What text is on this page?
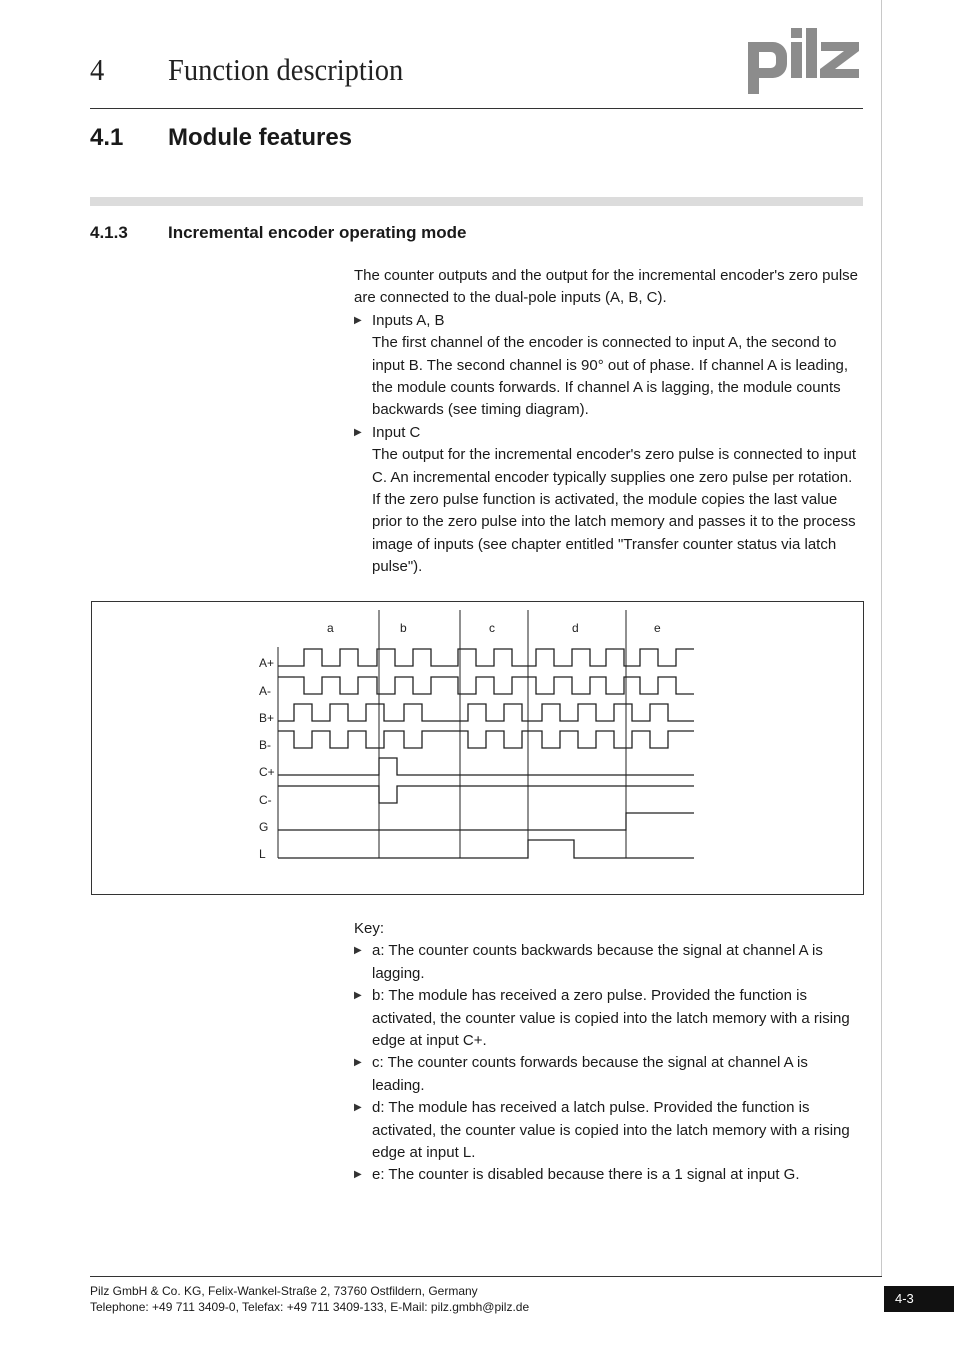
4 Function description
4.1 Module features
4.1.3 Incremental encoder operating mode

The counter outputs and the output for the incremental encoder's zero pulse are connected to the dual-pole inputs (A, B, C).

▶ Inputs A, B
The first channel of the encoder is connected to input A, the second to input B. The second channel is 90° out of phase. If channel A is leading, the module counts forwards. If channel A is lagging, the module counts backwards (see timing diagram).
▶ Input C
The output for the incremental encoder's zero pulse is connected to input C. An incremental encoder typically supplies one zero pulse per rotation. If the zero pulse function is activated, the module copies the last value prior to the zero pulse into the latch memory and passes it to the process image of inputs (see chapter entitled "Transfer counter status via latch pulse").
a	b	c	d	e
A+
A-
B+
B-
C+
C-
G
L

Key:

▶ a: The counter counts backwards because the signal at channel A is lagging.
▶ b: The module has received a zero pulse. Provided the function is activated, the counter value is copied into the latch memory with a rising edge at input C+.
▶ c: The counter counts forwards because the signal at channel A is leading.
▶ d: The module has received a latch pulse. Provided the function is activated, the counter value is copied into the latch memory with a rising edge at input L.
▶ e: The counter is disabled because there is a 1 signal at input G.
Pilz GmbH & Co. KG, Felix-Wankel-Straße 2, 73760 Ostfildern, Germany
Telephone: +49 711 3409-0, Telefax: +49 711 3409-133, E-Mail: pilz.gmbh@pilz.de
4-3
